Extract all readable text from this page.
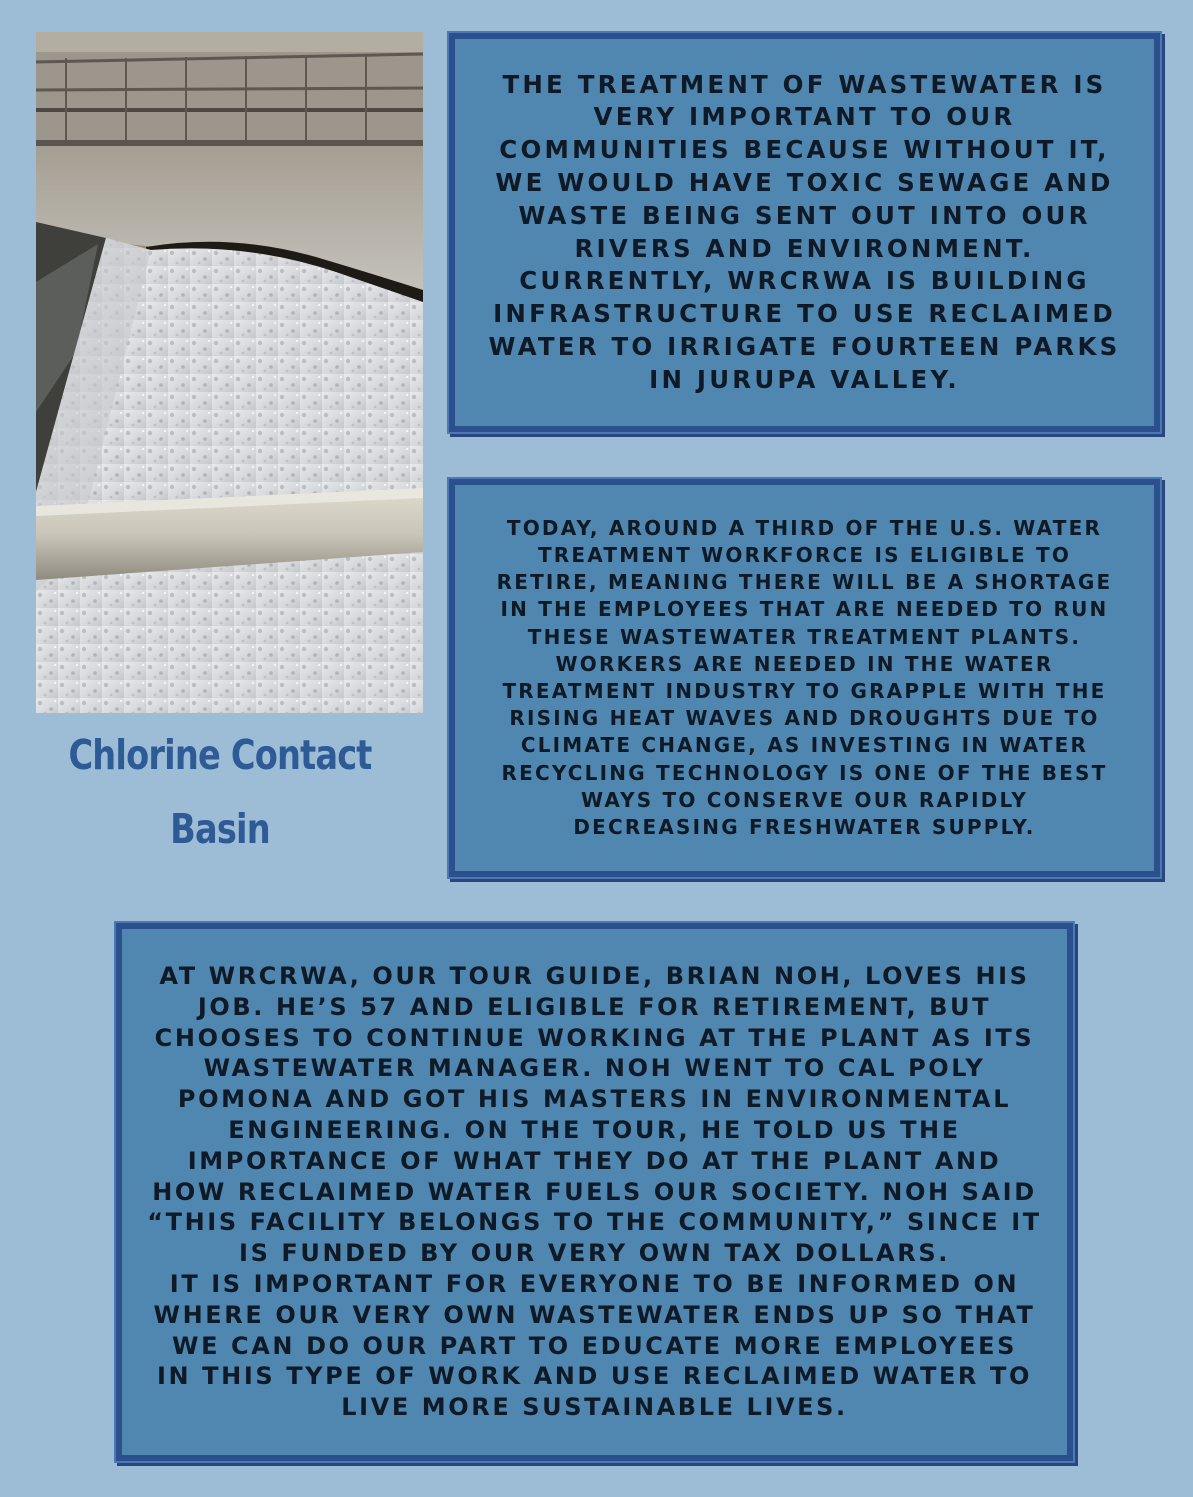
Chlorine Contact
Basin

THE TREATMENT OF WASTEWATER IS
VERY IMPORTANT TO OUR
COMMUNITIES BECAUSE WITHOUT IT,
WE WOULD HAVE TOXIC SEWAGE AND
WASTE BEING SENT OUT INTO OUR
RIVERS AND ENVIRONMENT.
CURRENTLY, WRCRWA IS BUILDING
INFRASTRUCTURE TO USE RECLAIMED
WATER TO IRRIGATE FOURTEEN PARKS
IN JURUPA VALLEY.

TODAY, AROUND A THIRD OF THE U.S. WATER
TREATMENT WORKFORCE IS ELIGIBLE TO
RETIRE, MEANING THERE WILL BE A SHORTAGE
IN THE EMPLOYEES THAT ARE NEEDED TO RUN
THESE WASTEWATER TREATMENT PLANTS.
WORKERS ARE NEEDED IN THE WATER
TREATMENT INDUSTRY TO GRAPPLE WITH THE
RISING HEAT WAVES AND DROUGHTS DUE TO
CLIMATE CHANGE, AS INVESTING IN WATER
RECYCLING TECHNOLOGY IS ONE OF THE BEST
WAYS TO CONSERVE OUR RAPIDLY
DECREASING FRESHWATER SUPPLY.

AT WRCRWA, OUR TOUR GUIDE, BRIAN NOH, LOVES HIS
JOB. HE’S 57 AND ELIGIBLE FOR RETIREMENT, BUT
CHOOSES TO CONTINUE WORKING AT THE PLANT AS ITS
WASTEWATER MANAGER. NOH WENT TO CAL POLY
POMONA AND GOT HIS MASTERS IN ENVIRONMENTAL
ENGINEERING. ON THE TOUR, HE TOLD US THE
IMPORTANCE OF WHAT THEY DO AT THE PLANT AND
HOW RECLAIMED WATER FUELS OUR SOCIETY. NOH SAID
“THIS FACILITY BELONGS TO THE COMMUNITY,” SINCE IT
IS FUNDED BY OUR VERY OWN TAX DOLLARS.
IT IS IMPORTANT FOR EVERYONE TO BE INFORMED ON
WHERE OUR VERY OWN WASTEWATER ENDS UP SO THAT
WE CAN DO OUR PART TO EDUCATE MORE EMPLOYEES
IN THIS TYPE OF WORK AND USE RECLAIMED WATER TO
LIVE MORE SUSTAINABLE LIVES.
